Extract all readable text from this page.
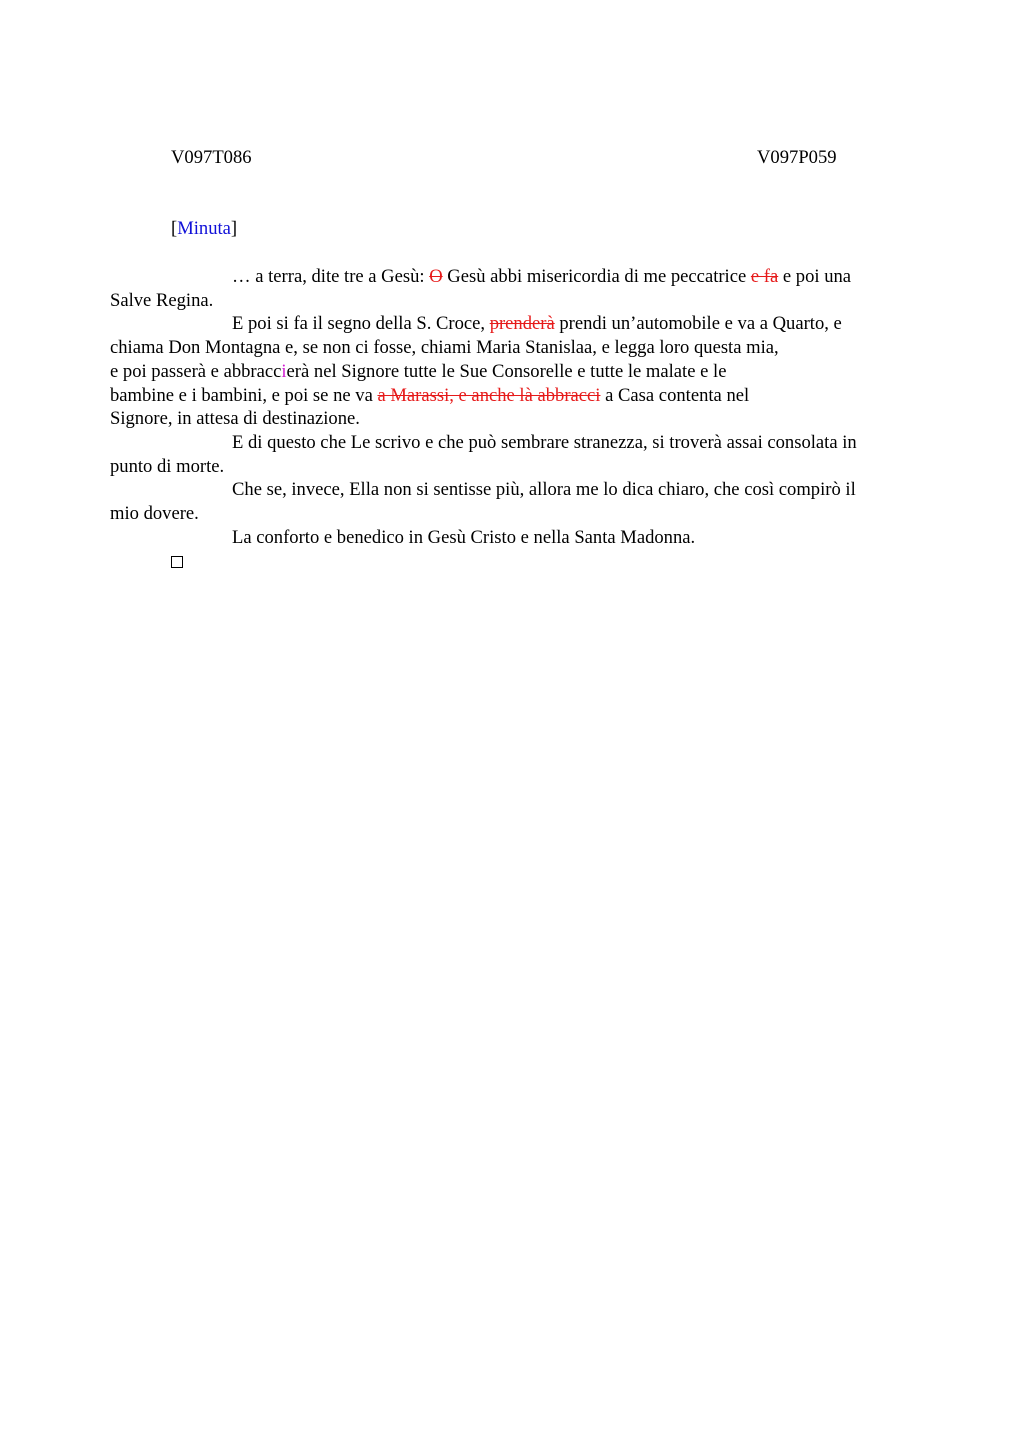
V097T086	V097P059
[Minuta]
… a terra, dite tre a Gesù: O Gesù abbi misericordia di me peccatrice e fa e poi una
Salve Regina.
E poi si fa il segno della S. Croce, prenderà prendi un’automobile e va a Quarto, e
chiama Don Montagna e, se non ci fosse, chiami Maria Stanislaa, e legga loro questa mia,
e poi passerà e abbraccierà nel Signore tutte le Sue Consorelle e tutte le malate e le
bambine e i bambini, e poi se ne va a Marassi, e anche là abbracci a Casa contenta nel
Signore, in attesa di destinazione.
E di questo che Le scrivo e che può sembrare stranezza, si troverà assai consolata in
punto di morte.
Che se, invece, Ella non si sentisse più, allora me lo dica chiaro, che così compirò il
mio dovere.
La conforto e benedico in Gesù Cristo e nella Santa Madonna.
